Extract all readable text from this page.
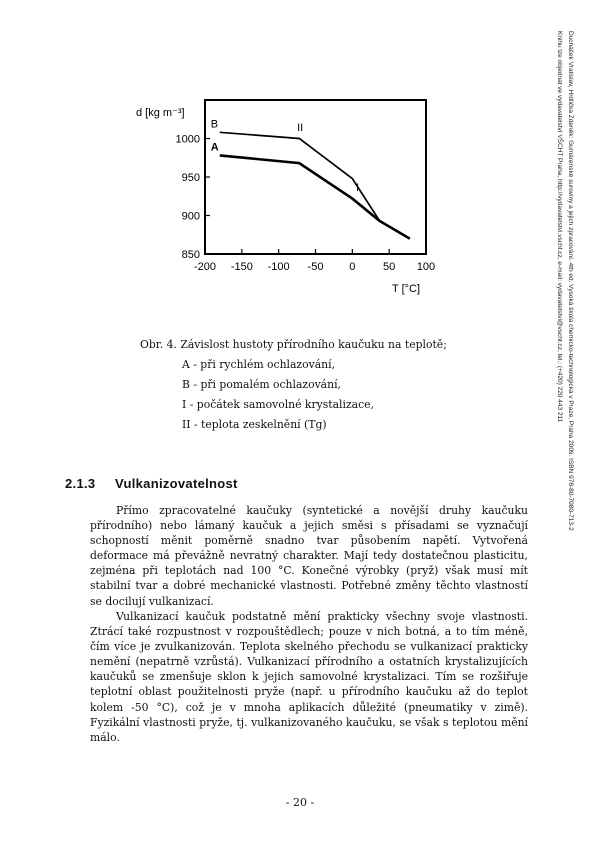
Ducháček Vratislav, Hrdlička Zdeněk: Gumárenské suroviny a jejich zpracování. 4th ed. Vysoká škola chemicko-technologická v Praze, Praha 2009. ISBN 978-80-7080-713-2
Knihu lze objednat ve vydavatelství VŠCHT Praha, http://vydavatelstvi.vscht.cz, e-mail: vydavatelstvi@vscht.cz, tel.: (+420) 220 443 211
d [kg m⁻³]
T [°C]
-200 -150 -100 -50 0	50 100
850
900
950
1000
A
B
I
II
Obr. 4. Závislost hustoty přírodního kaučuku na teplotě;
A - při rychlém ochlazování,
B - při pomalém ochlazování,
I - počátek samovolné krystalizace,
II - teplota zeskelnění (Tg)
2.1.3 Vulkanizovatelnost
Přímo zpracovatelné kaučuky (syntetické a novější druhy kaučuku přírodního) nebo lámaný kaučuk a jejich směsi s přísadami se vyznačují schopností měnit poměrně snadno tvar působením napětí. Vytvořená deformace má převážně nevratný charakter. Mají tedy dostatečnou plasticitu, zejména při teplotách nad 100 °C. Konečné výrobky (pryž) však musí mít stabilní tvar a dobré mechanické vlastnosti. Potřebné změny těchto vlastností se docilují vulkanizací.
Vulkanizací kaučuk podstatně mění prakticky všechny svoje vlastnosti. Ztrácí také rozpustnost v rozpouštědlech; pouze v nich botná, a to tím méně, čím více je zvulkanizován. Teplota skelného přechodu se vulkanizací prakticky nemění (nepatrně vzrůstá). Vulkanizací přírodního a ostatních krystalizujících kaučuků se zmenšuje sklon k jejich samovolné krystalizaci. Tím se rozšiřuje teplotní oblast použitelnosti pryže (např. u přírodního kaučuku až do teplot kolem -50 °C), což je v mnoha aplikacích důležité (pneumatiky v zimě). Fyzikální vlastnosti pryže, tj. vulkanizovaného kaučuku, se však s teplotou mění málo.
- 20 -
